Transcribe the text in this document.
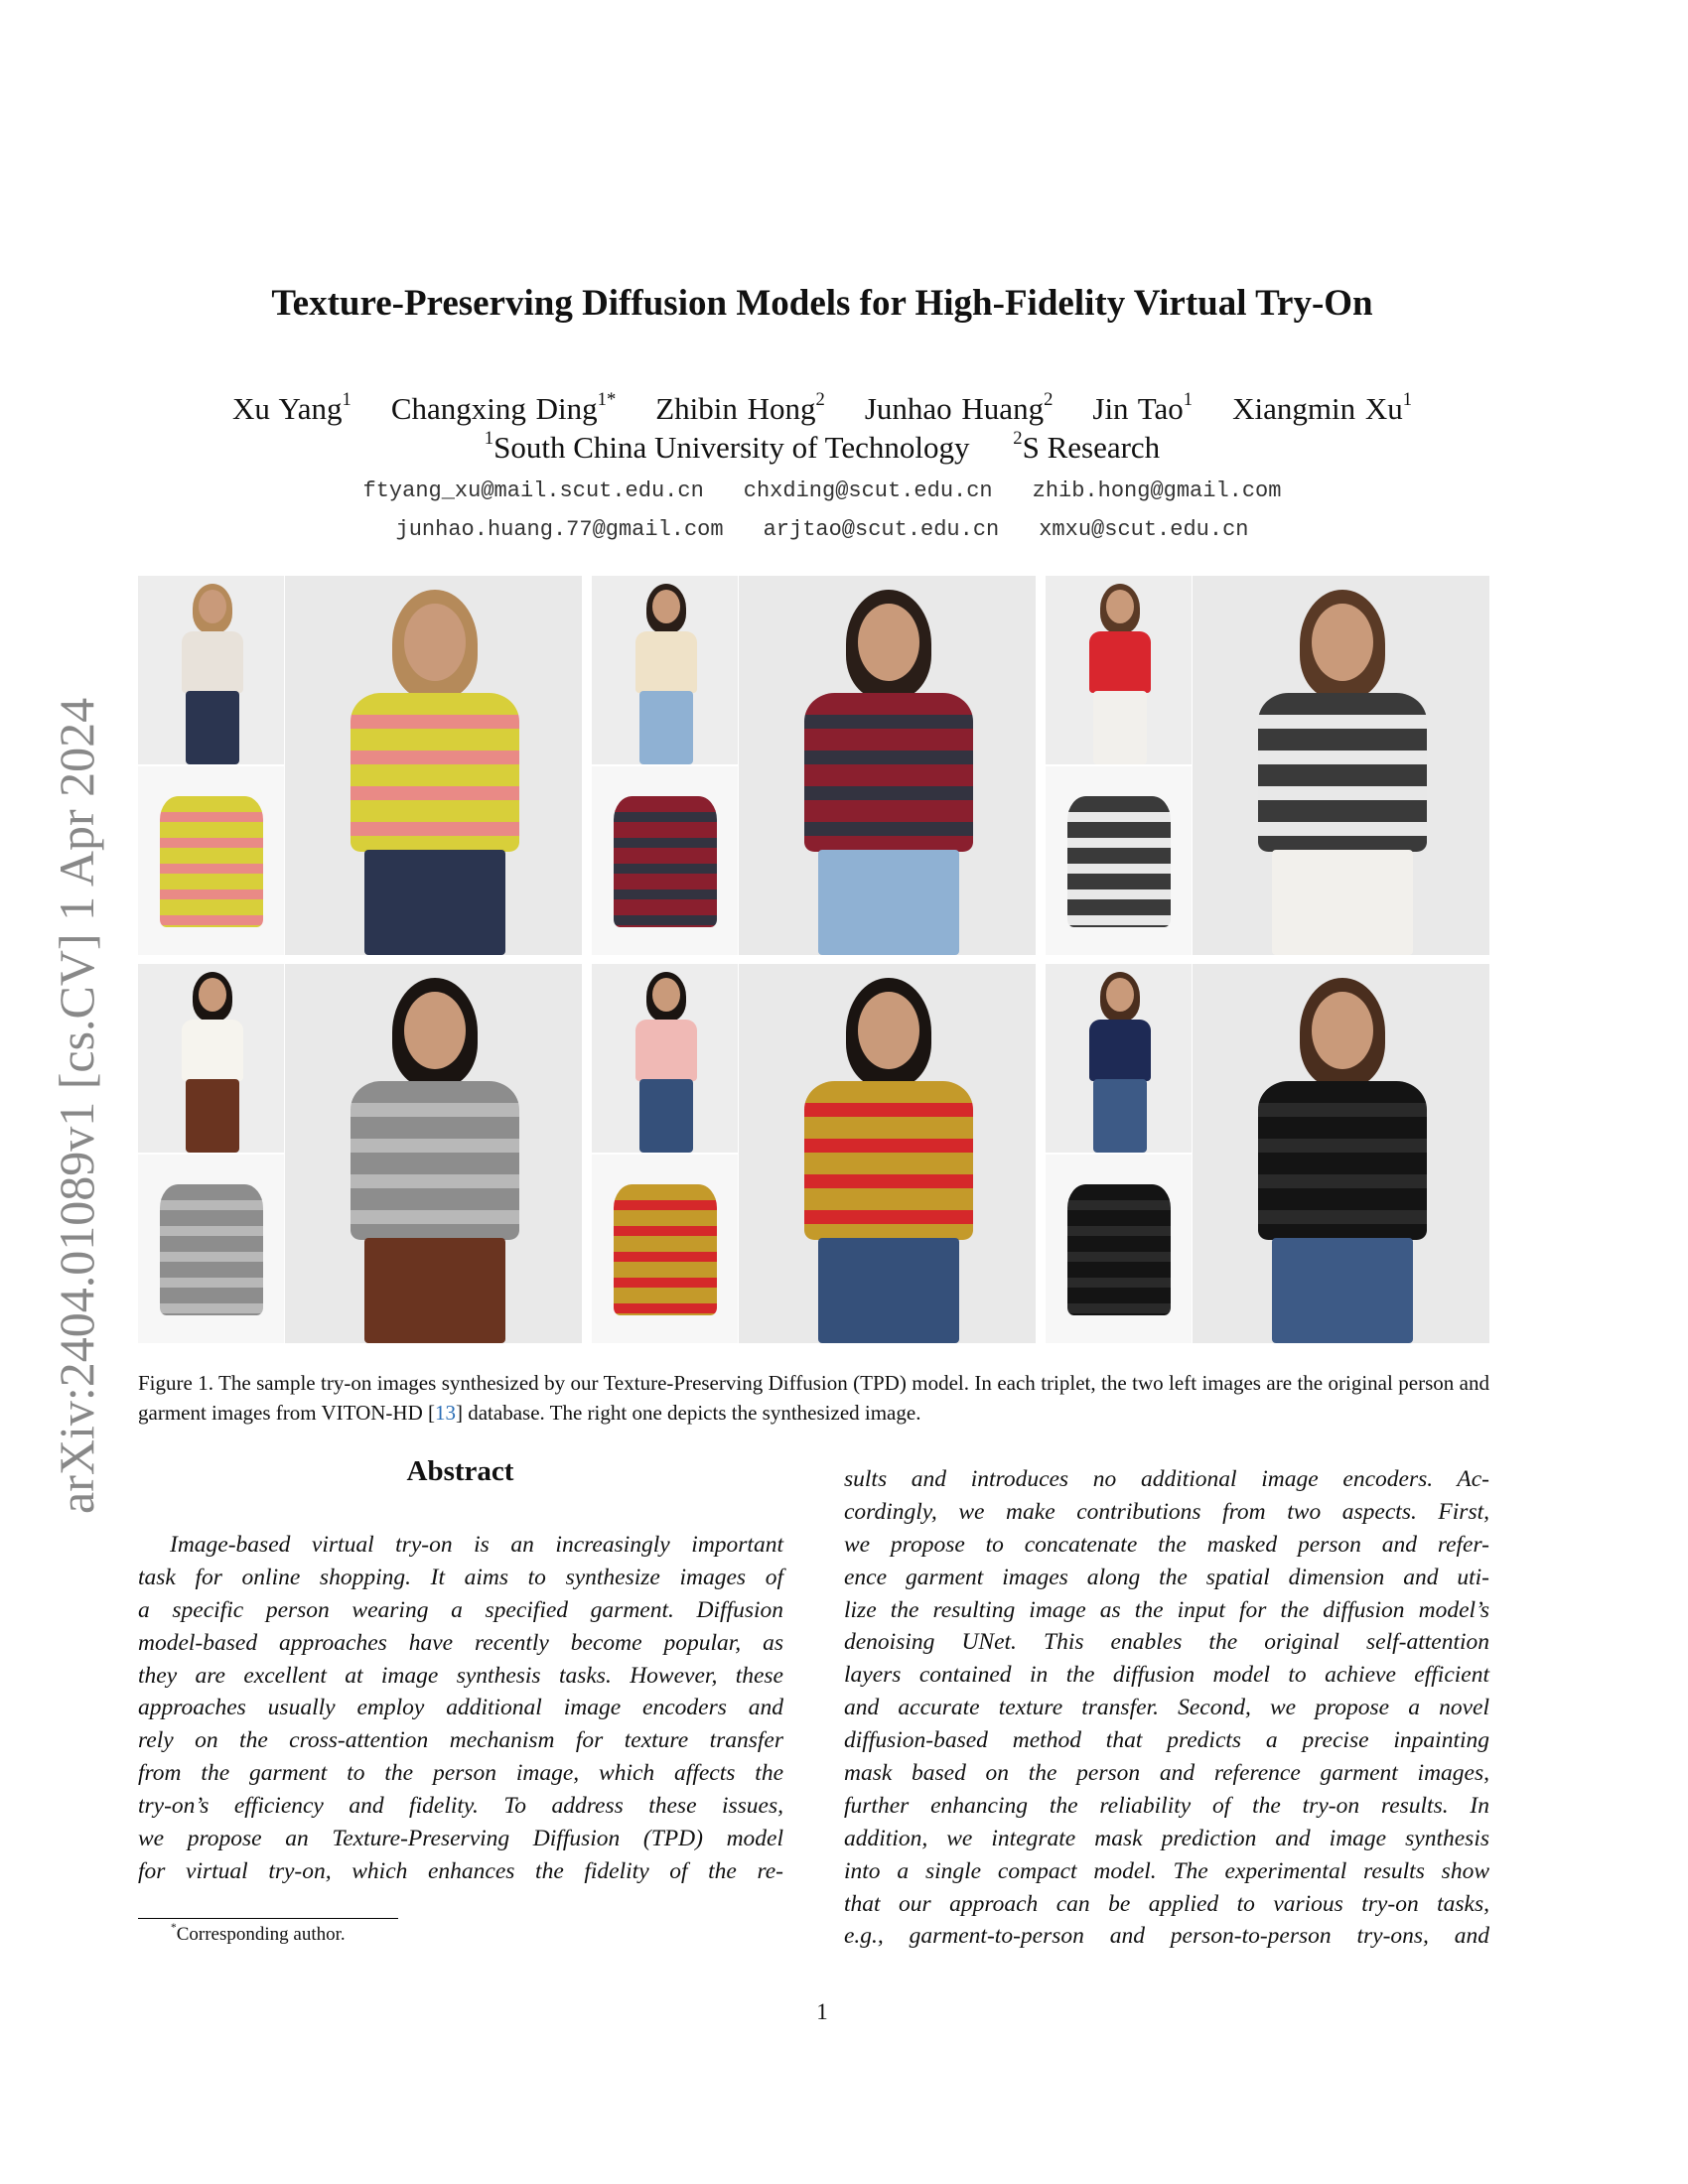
arXiv:2404.01089v1 [cs.CV] 1 Apr 2024
Texture-Preserving Diffusion Models for High-Fidelity Virtual Try-On
Xu Yang$^1$ Changxing Ding$^{1*}$ Zhibin Hong$^2$ Junhao Huang$^2$ Jin Tao$^1$ Xiangmin Xu$^1$
$^1$South China University of Technology $^2$S Research
ftyang_xu@mail.scut.edu.cn chxding@scut.edu.cn zhib.hong@gmail.com
junhao.huang.77@gmail.com arjtao@scut.edu.cn xmxu@scut.edu.cn
Figure 1. The sample try-on images synthesized by our Texture-Preserving Diffusion (TPD) model. In each triplet, the two left images are the original person and garment images from VITON-HD [13] database. The right one depicts the synthesized image.
Abstract
Image-based virtual try-on is an increasingly important
task for online shopping. It aims to synthesize images of
a specific person wearing a specified garment. Diffusion
model-based approaches have recently become popular, as
they are excellent at image synthesis tasks. However, these
approaches usually employ additional image encoders and
rely on the cross-attention mechanism for texture transfer
from the garment to the person image, which affects the
try-on’s efficiency and fidelity. To address these issues,
we propose an Texture-Preserving Diffusion (TPD) model
for virtual try-on, which enhances the fidelity of the re-
sults and introduces no additional image encoders. Ac-
cordingly, we make contributions from two aspects. First,
we propose to concatenate the masked person and refer-
ence garment images along the spatial dimension and uti-
lize the resulting image as the input for the diffusion model’s
denoising UNet. This enables the original self-attention
layers contained in the diffusion model to achieve efficient
and accurate texture transfer. Second, we propose a novel
diffusion-based method that predicts a precise inpainting
mask based on the person and reference garment images,
further enhancing the reliability of the try-on results. In
addition, we integrate mask prediction and image synthesis
into a single compact model. The experimental results show
that our approach can be applied to various try-on tasks,
e.g., garment-to-person and person-to-person try-ons, and
*Corresponding author.
1
